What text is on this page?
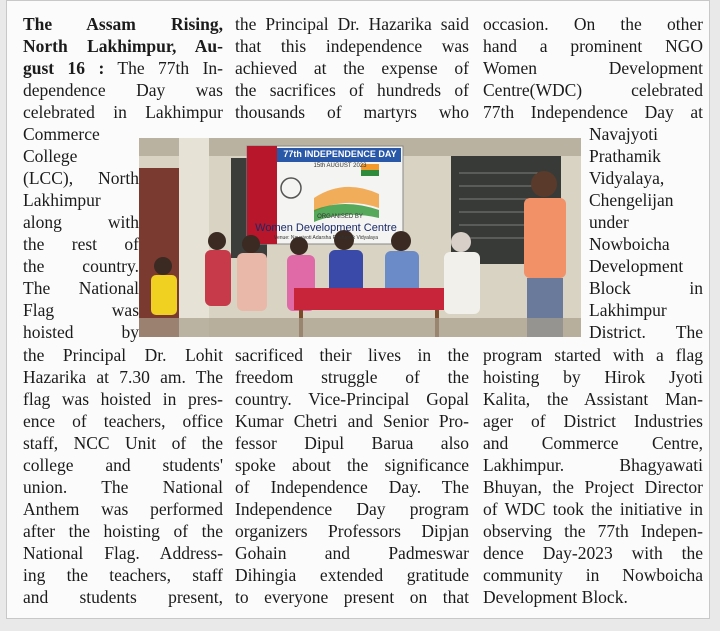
The Assam Rising,
North Lakhimpur, Au-
gust 16 : The 77th In-
dependence Day was
celebrated in Lakhimpur
Commerce
College
(LCC), North
Lakhimpur
along with
the rest of
the country.
The National
Flag was
hoisted by
the Principal Dr. Lohit
Hazarika at 7.30 am. The
flag was hoisted in pres-
ence of teachers, office
staff, NCC Unit of the
college and students'
union. The National
Anthem was performed
after the hoisting of the
National Flag. Address-
ing the teachers, staff
and students present,
the Principal Dr. Hazarika said
that this independence was
achieved at the expense of
the sacrifices of hundreds of
thousands of martyrs who
sacrificed their lives in the
freedom struggle of the
country. Vice-Principal Gopal
Kumar Chetri and Senior Pro-
fessor Dipul Barua also
spoke about the significance
of Independence Day. The
Independence Day program
organizers Professors Dipjan
Gohain and Padmeswar
Dihingia extended gratitude
to everyone present on that
occasion. On the other
hand a prominent NGO
Women Development
Centre(WDC) celebrated
77th Independence Day at
Navajyoti
Prathamik
Vidyalaya,
Chengelijan
under
Nowboicha
Development
Block in
Lakhimpur
District. The
program started with a flag
hoisting by Hirok Jyoti
Kalita, the Assistant Man-
ager of District Industries
and Commerce Centre,
Lakhimpur. Bhagyawati
Bhuyan, the Project Director
of WDC took the initiative in
observing the 77th Indepen-
dence Day-2023 with the
community in Nowboicha
Development Block.
77th INDEPENDENCE DAY
15th AUGUST 2023
ORGANISED BY
Women Development Centre
Venue: Navajyoti Adarsha Prathamik Vidyalaya
